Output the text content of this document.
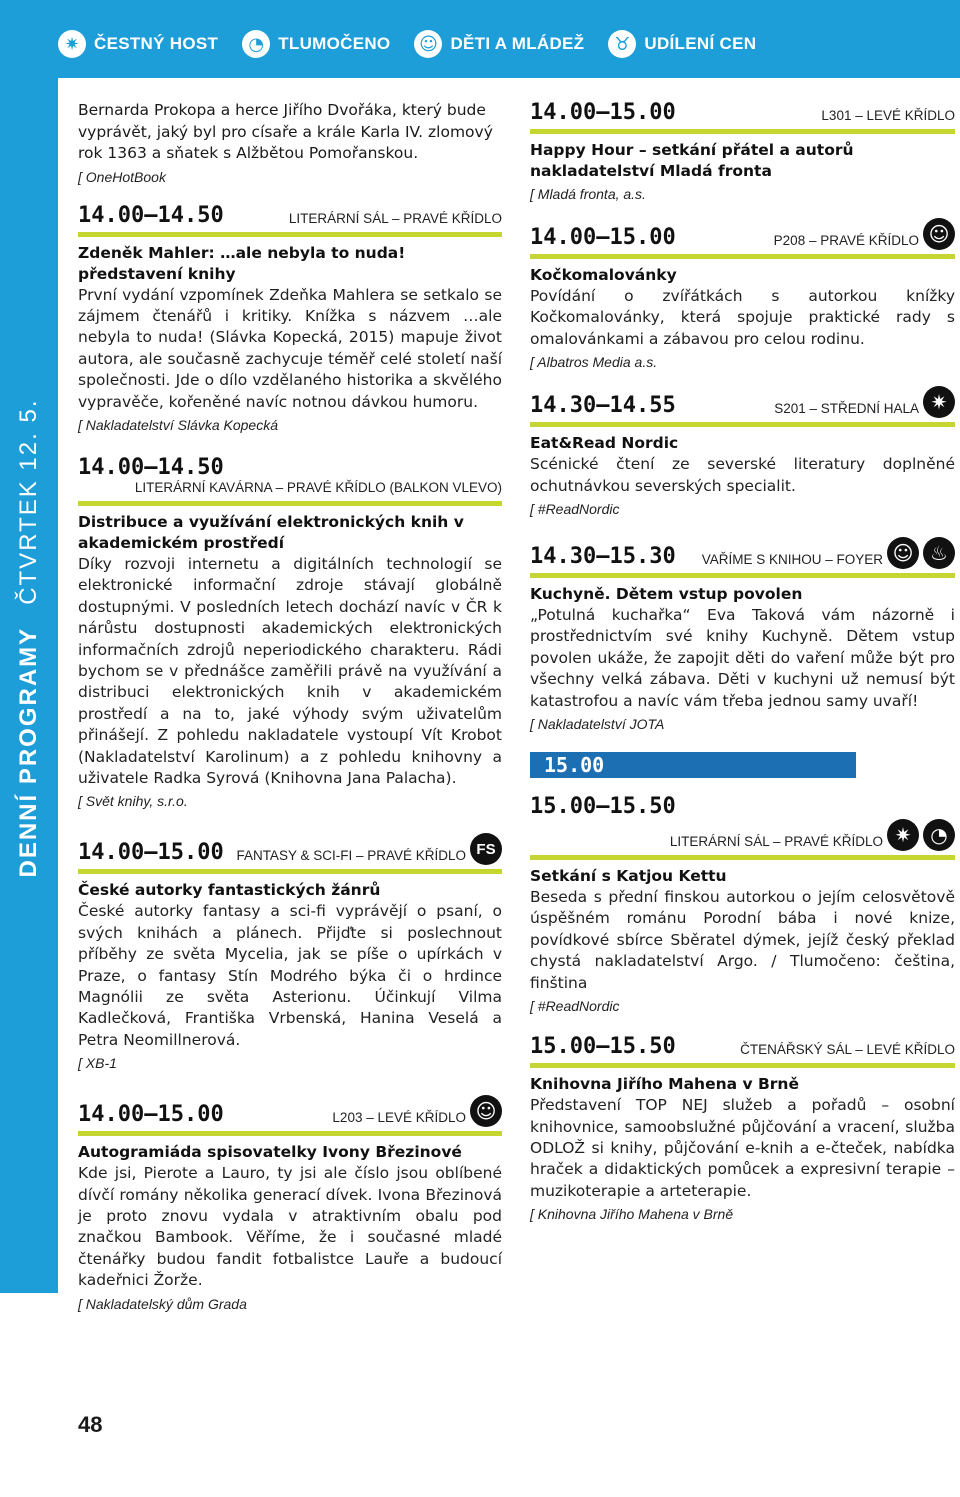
✷ ČESTNÝ HOST	◔ TLUMOČENO ☺ DĚTI A MLÁDEŽ	♉ UDÍLENÍ CEN
DENNÍ PROGRAMYČTVRTEK 12. 5.

Bernarda Prokopa a herce Jiřího Dvořáka, který bude vyprávět, jaký byl pro císaře a krále Karla IV. zlomový rok 1363 a sňatek s Alžbětou Pomořanskou.

[ OneHotBook
14.00–14.50	LITERÁRNÍ SÁL – PRAVÉ KŘÍDLO
Zdeněk Mahler: …ale nebyla to nuda! představení knihy
První vydání vzpomínek Zdeňka Mahlera se setkalo se zájmem čtenářů i kritiky. Knížka s názvem …ale nebyla to nuda! (Slávka Kopecká, 2015) mapuje život autora, ale současně zachycuje téměř celé století naší společnosti. Jde o dílo vzdělaného historika a skvělého vypravěče, kořeněné navíc notnou dávkou humoru.
[ Nakladatelství Slávka Kopecká
14.00–14.50
LITERÁRNÍ KAVÁRNA – PRAVÉ KŘÍDLO (BALKON VLEVO)
Distribuce a využívání elektronických knih v akademickém prostředí
Díky rozvoji internetu a digitálních technologií se elektronické informační zdroje stávají globálně dostupnými. V posledních letech dochází navíc v ČR k nárůstu dostupnosti akademických elektronických informačních zdrojů neperiodického charakteru. Rádi bychom se v přednášce zaměřili právě na využívání a distribuci elektronických knih v akademickém prostředí a na to, jaké výhody svým uživatelům přinášejí. Z pohledu nakladatele vystoupí Vít Krobot (Nakladatelství Karolinum) a z pohledu knihovny a uživatele Radka Syrová (Knihovna Jana Palacha).
[ Svět knihy, s.r.o.
14.00–15.00 FANTASY & SCI-FI – PRAVÉ KŘÍDLO FS
České autorky fantastických žánrů
České autorky fantasy a sci-fi vyprávějí o psaní, o svých knihách a plánech. Přijďte si poslechnout příběhy ze světa Mycelia, jak se píše o upírkách v Praze, o fantasy Stín Modrého býka či o hrdince Magnólii ze světa Asterionu. Účinkují Vilma Kadlečková, Františka Vrbenská, Hanina Veselá a Petra Neomillnerová.
[ XB-1
14.00–15.00	L203 – LEVÉ KŘÍDLO ☺
Autogramiáda spisovatelky Ivony Březinové
Kde jsi, Pierote a Lauro, ty jsi ale číslo jsou oblíbené dívčí romány několika generací dívek. Ivona Březinová je proto znovu vydala v atraktivním obalu pod značkou Bambook. Věříme, že i současné mladé čtenářky budou fandit fotbalistce Lauře a budoucí kadeřnici Žorže.
[ Nakladatelský dům Grada
14.00–15.00	L301 – LEVÉ KŘÍDLO
Happy Hour – setkání přátel a autorů nakladatelství Mladá fronta
[ Mladá fronta, a.s.
14.00–15.00	P208 – PRAVÉ KŘÍDLO ☺
Kočkomalovánky
Povídání o zvířátkách s autorkou knížky Kočkomalovánky, která spojuje praktické rady s omalovánkami a zábavou pro celou rodinu.
[ Albatros Media a.s.
14.30–14.55	S201 – STŘEDNÍ HALA ✷
Eat&Read Nordic
Scénické čtení ze severské literatury doplněné ochutnávkou severských specialit.
[ #ReadNordic
14.30–15.30 VAŘÍME S KNIHOU – FOYER ☺ ♨
Kuchyně. Dětem vstup povolen
„Potulná kuchařka“ Eva Taková vám názorně i prostřednictvím své knihy Kuchyně. Dětem vstup povolen ukáže, že zapojit děti do vaření může být pro všechny velká zábava. Děti v kuchyni už nemusí být katastrofou a navíc vám třeba jednou samy uvaří!
[ Nakladatelství JOTA
15.00
15.00–15.50
LITERÁRNÍ SÁL – PRAVÉ KŘÍDLO ✷ ◔
Setkání s Katjou Kettu
Beseda s přední finskou autorkou o jejím celosvětově úspěšném románu Porodní bába i nové knize, povídkové sbírce Sběratel dýmek, jejíž český překlad chystá nakladatelství Argo. / Tlumočeno: čeština, finština
[ #ReadNordic
15.00–15.50	ČTENÁŘSKÝ SÁL – LEVÉ KŘÍDLO
Knihovna Jiřího Mahena v Brně
Představení TOP NEJ služeb a pořadů – osobní knihovnice, samoobslužné půjčování a vracení, služba ODLOŽ si knihy, půjčování e-knih a e-čteček, nabídka hraček a didaktických pomůcek a expresivní terapie – muzikoterapie a arteterapie.
[ Knihovna Jiřího Mahena v Brně
48
